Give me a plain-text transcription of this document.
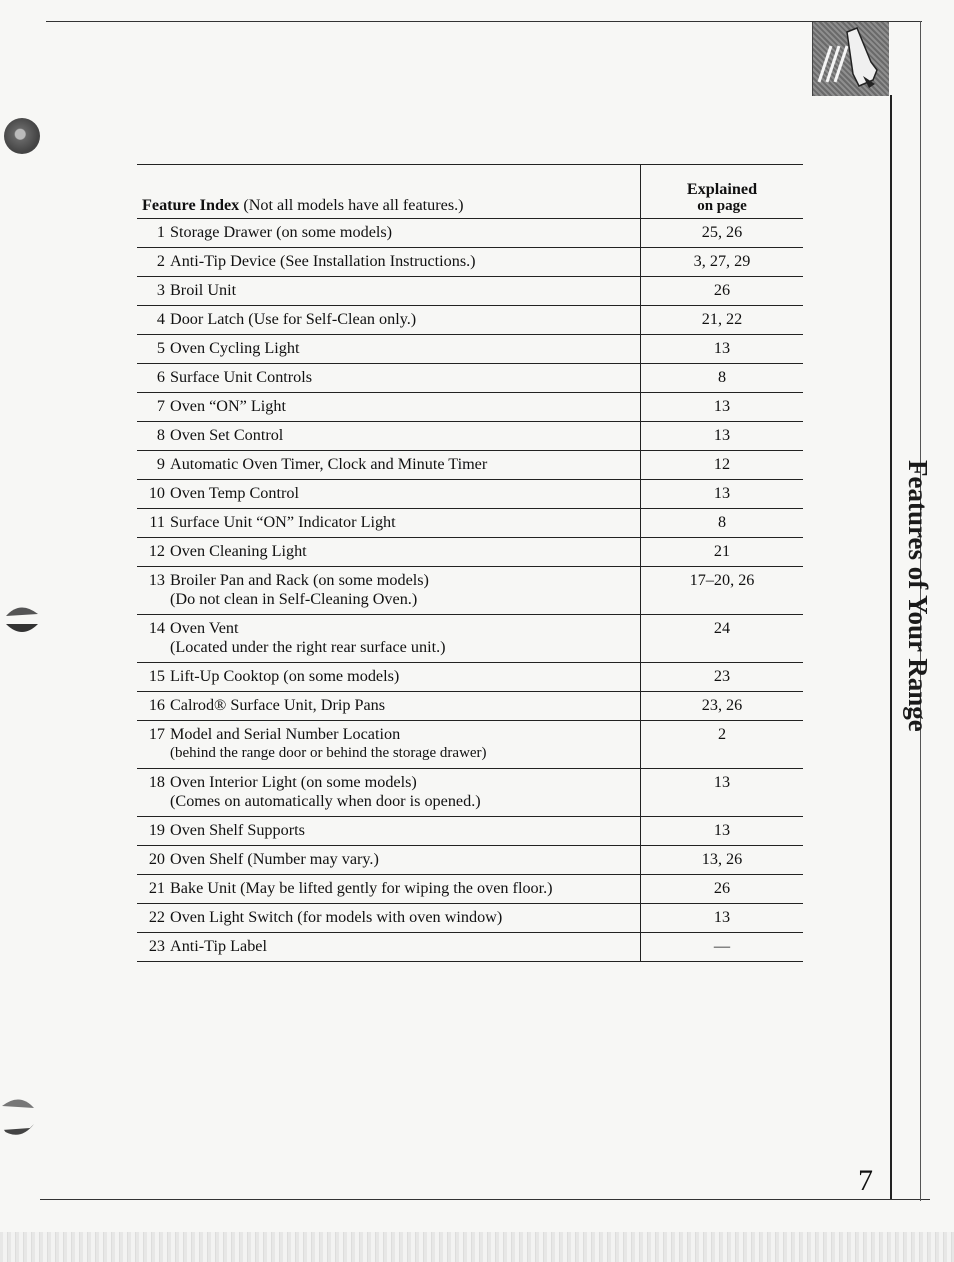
Features of Your Range
Feature Index (Not all models have all features.)	Explained
on page

1 Storage Drawer (on some models)	25, 26
2 Anti-Tip Device (See Installation Instructions.)	3, 27, 29
3 Broil Unit	26
4 Door Latch (Use for Self-Clean only.)	21, 22
5 Oven Cycling Light	13
6 Surface Unit Controls	8
7 Oven “ON” Light	13
8 Oven Set Control	13
9 Automatic Oven Timer, Clock and Minute Timer	12
10 Oven Temp Control	13
11 Surface Unit “ON” Indicator Light	8
12 Oven Cleaning Light	21
13 Broiler Pan and Rack (on some models)
(Do not clean in Self-Cleaning Oven.)	17–20, 26
14 Oven Vent
(Located under the right rear surface unit.)	24
15 Lift-Up Cooktop (on some models)	23
16 Calrod® Surface Unit, Drip Pans	23, 26
17 Model and Serial Number Location
(behind the range door or behind the storage drawer)	2
18 Oven Interior Light (on some models)
(Comes on automatically when door is opened.)	13
19 Oven Shelf Supports	13
20 Oven Shelf (Number may vary.)	13, 26
21 Bake Unit (May be lifted gently for wiping the oven floor.)	26
22 Oven Light Switch (for models with oven window)	13
23 Anti-Tip Label	—
7
